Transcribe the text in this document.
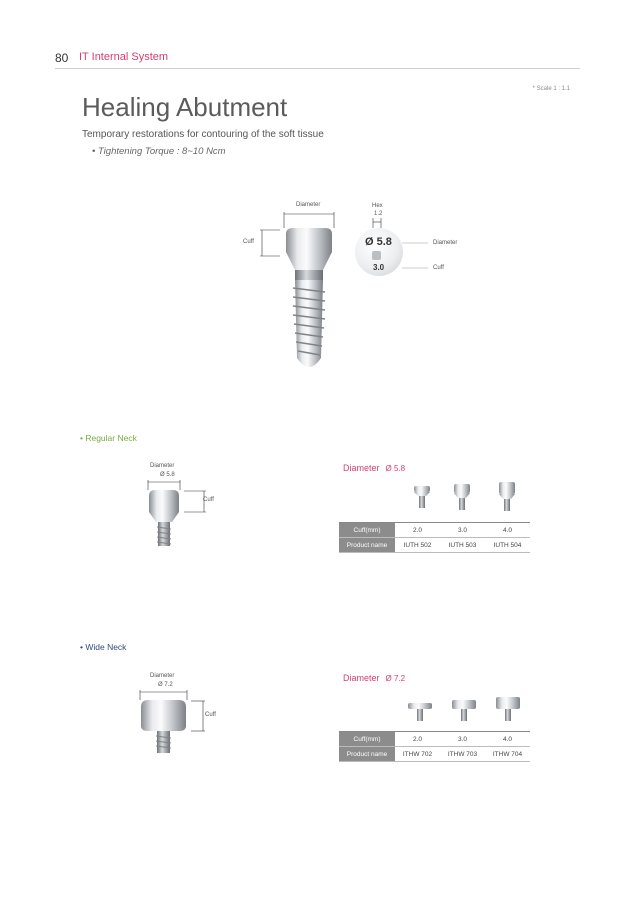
80 IT Internal System
* Scale 1 : 1.1
Healing Abutment
Temporary restorations for contouring of the soft tissue
• Tightening Torque : 8~10 Ncm
Diameter
Cuff
Hex
1.2
Ø 5.8
3.0
Diameter
Cuff
• Regular Neck
Diameter
Ø 5.8
Cuff
Diameter Ø 5.8
Cuff(mm)	2.0	3.0	4.0
Product name	IUTH 502	IUTH 503	IUTH 504
• Wide Neck
Diameter
Ø 7.2
Cuff
Diameter Ø 7.2
Cuff(mm)	2.0	3.0	4.0
Product name	ITHW 702	ITHW 703	ITHW 704
